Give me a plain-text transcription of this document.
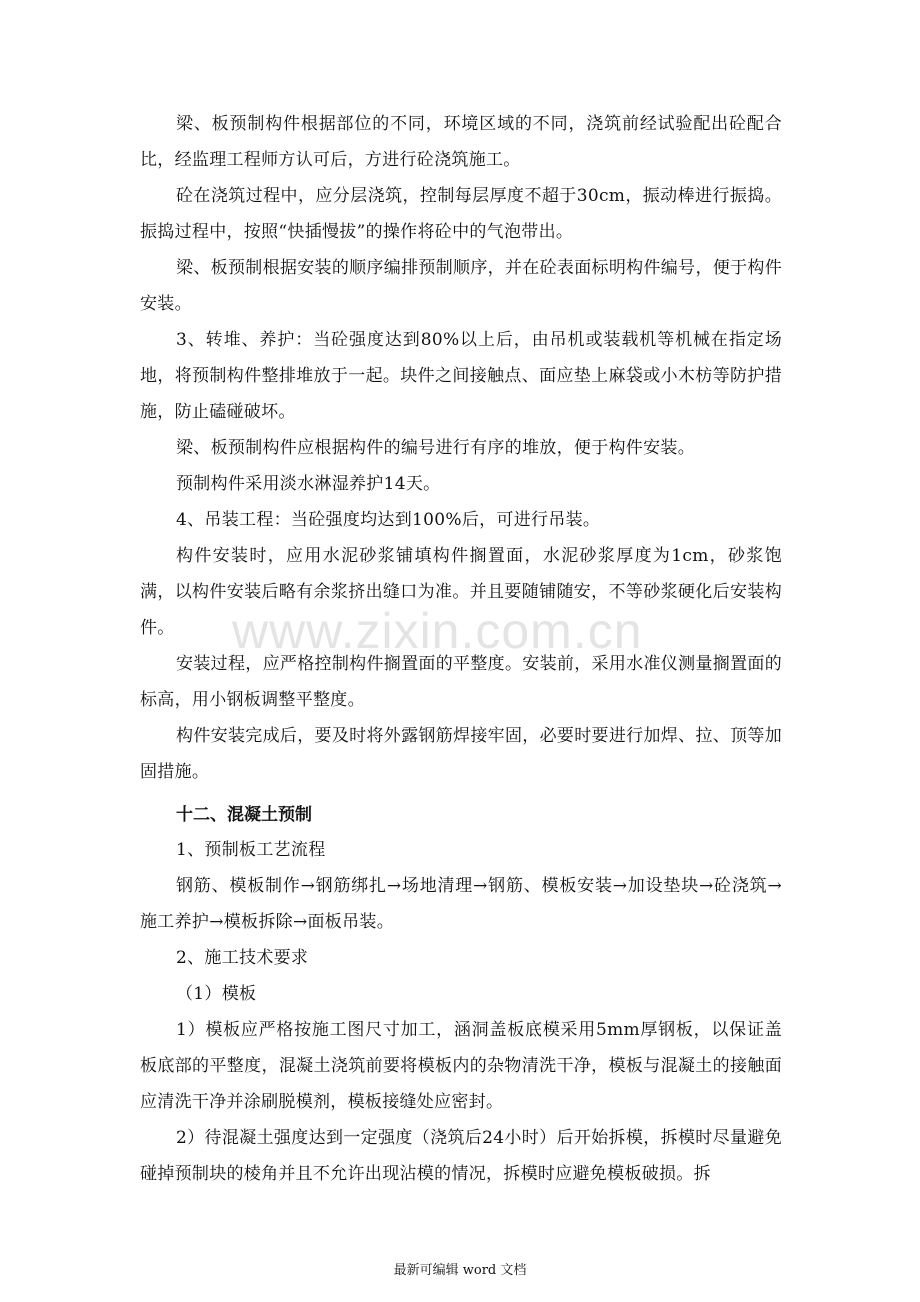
梁、板预制构件根据部位的不同，环境区域的不同，浇筑前经试验配出砼配合比，经监理工程师方认可后，方进行砼浇筑施工。

砼在浇筑过程中，应分层浇筑，控制每层厚度不超于30cm，振动棒进行振捣。振捣过程中，按照“快插慢拔”的操作将砼中的气泡带出。

梁、板预制根据安装的顺序编排预制顺序，并在砼表面标明构件编号，便于构件安装。

3、转堆、养护：当砼强度达到80%以上后，由吊机或装载机等机械在指定场地，将预制构件整排堆放于一起。块件之间接触点、面应垫上麻袋或小木枋等防护措施，防止磕碰破坏。

梁、板预制构件应根据构件的编号进行有序的堆放，便于构件安装。

预制构件采用淡水淋湿养护14天。

4、吊装工程：当砼强度均达到100%后，可进行吊装。

构件安装时，应用水泥砂浆铺填构件搁置面，水泥砂浆厚度为1cm，砂浆饱满，以构件安装后略有余浆挤出缝口为准。并且要随铺随安，不等砂浆硬化后安装构件。

安装过程，应严格控制构件搁置面的平整度。安装前，采用水准仪测量搁置面的标高，用小钢板调整平整度。

构件安装完成后，要及时将外露钢筋焊接牢固，必要时要进行加焊、拉、顶等加固措施。

十二、混凝土预制

1、预制板工艺流程

钢筋、模板制作→钢筋绑扎→场地清理→钢筋、模板安装→加设垫块→砼浇筑→施工养护→模板拆除→面板吊装。

2、施工技术要求

（1）模板

1）模板应严格按施工图尺寸加工，涵洞盖板底模采用5mm厚钢板，以保证盖板底部的平整度，混凝土浇筑前要将模板内的杂物清洗干净，模板与混凝土的接触面应清洗干净并涂刷脱模剂，模板接缝处应密封。

2）待混凝土强度达到一定强度（浇筑后24小时）后开始拆模，拆模时尽量避免碰掉预制块的棱角并且不允许出现沾模的情况，拆模时应避免模板破损。拆

www.zixin.com.cn
最新可编辑 word 文档
